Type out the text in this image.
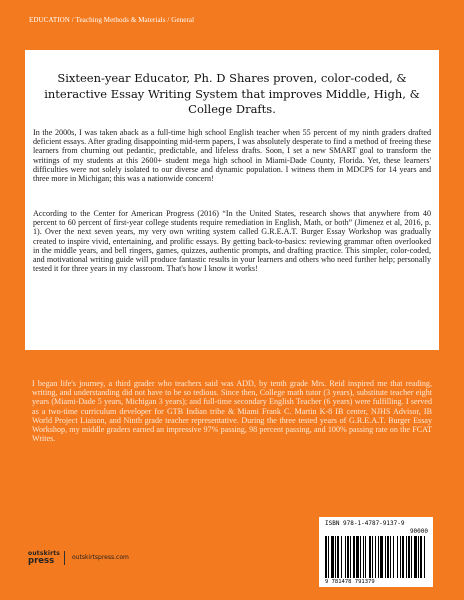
EDUCATION / Teaching Methods & Materials / General
Sixteen-year Educator, Ph. D Shares proven, color-coded, & interactive Essay Writing System that improves Middle, High, & College Drafts.
In the 2000s, I was taken aback as a full-time high school English teacher when 55 percent of my ninth graders drafted deficient essays. After grading disappointing mid-term papers, I was absolutely desperate to find a method of freeing these learners from churning out pedantic, predictable, and lifeless drafts. Soon, I set a new SMART goal to transform the writings of my students at this 2600+ student mega high school in Miami-Dade County, Florida. Yet, these learners' difficulties were not solely isolated to our diverse and dynamic population. I witness them in MDCPS for 14 years and three more in Michigan; this was a nationwide concern!
According to the Center for American Progress (2016) “In the United States, research shows that anywhere from 40 percent to 60 percent of first-year college students require remediation in English, Math, or both” (Jimenez et al, 2016, p. 1). Over the next seven years, my very own writing system called G.R.E.A.T. Burger Essay Workshop was gradually created to inspire vivid, entertaining, and prolific essays. By getting back-to-basics: reviewing grammar often overlooked in the middle years, and bell ringers, games, quizzes, authentic prompts, and drafting practice. This simpler, color-coded, and motivational writing guide will produce fantastic results in your learners and others who need further help; personally tested it for three years in my classroom. That's how I know it works!
I began life's journey, a third grader who teachers said was ADD, by tenth grade Mrs. Reid inspired me that reading, writing, and understanding did not have to be so tedious. Since then, College math tutor (3 years), substitute teacher eight years (Miami-Dade 5 years, Michigan 3 years); and full-time secondary English Teacher (6 years) were fulfilling. I served as a two-time curriculum developer for GTB Indian tribe & Miami Frank C. Martin K-8 IB center, NJHS Advisor, IB World Project Liaison, and Ninth grade teacher representative. During the three tested years of G.R.E.A.T. Burger Essay Workshop, my middle graders earned an impressive 97% passing, 98 percent passing, and 100% passing rate on the FCAT Writes.
ISBN 978-1-4787-9137-9
90000
9 781478 791379
outskirts
press	outskirtspress.com
